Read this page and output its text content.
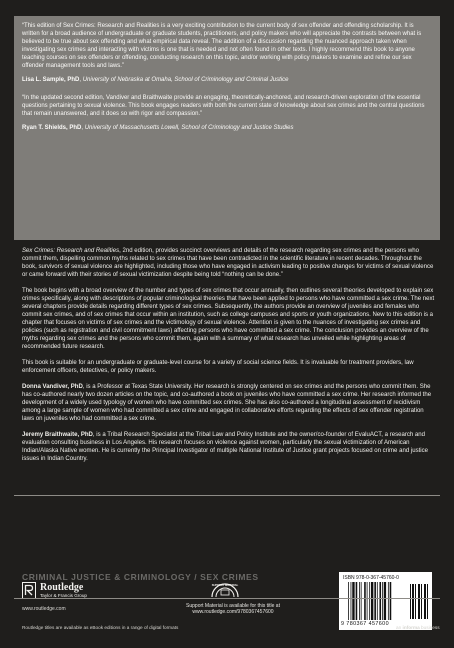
“This edition of Sex Crimes: Research and Realities is a very exciting contribution to the current body of sex offender and offending scholarship. It is written for a broad audience of undergraduate or graduate students, practitioners, and policy makers who will appreciate the contrasts between what is believed to be true about sex offending and what empirical data reveal. The addition of a discussion regarding the nuanced approach taken when investigating sex crimes and interacting with victims is one that is needed and not often found in other texts. I highly recommend this book to anyone teaching courses on sex offenders or offending, conducting research on this topic, and/or working with policy makers to examine and refine our sex offender management tools and laws.”

Lisa L. Sample, PhD, University of Nebraska at Omaha, School of Criminology and Criminal Justice

“In the updated second edition, Vandiver and Braithwaite provide an engaging, theoretically-anchored, and research-driven exploration of the essential questions pertaining to sexual violence. This book engages readers with both the current state of knowledge about sex crimes and the central questions that remain unanswered, and it does so with rigor and compassion.”

Ryan T. Shields, PhD, University of Massachusetts Lowell, School of Criminology and Justice Studies

Sex Crimes: Research and Realities, 2nd edition, provides succinct overviews and details of the research regarding sex crimes and the persons who commit them, dispelling common myths related to sex crimes that have been contradicted in the scientific literature in recent decades. Throughout the book, survivors of sexual violence are highlighted, including those who have engaged in activism leading to positive changes for victims of sexual violence or came forward with their stories of sexual victimization despite being told “nothing can be done.”

The book begins with a broad overview of the number and types of sex crimes that occur annually, then outlines several theories developed to explain sex crimes specifically, along with descriptions of popular criminological theories that have been applied to persons who have committed a sex crime. The next several chapters provide details regarding different types of sex crimes. Subsequently, the authors provide an overview of juveniles and females who commit sex crimes, and of sex crimes that occur within an institution, such as college campuses and sports or youth organizations. New to this edition is a chapter that focuses on victims of sex crimes and the victimology of sexual violence. Attention is given to the nuances of investigating sex crimes and policies (such as registration and civil commitment laws) affecting persons who have committed a sex crime. The conclusion provides an overview of the myths regarding sex crimes and the persons who commit them, again with a summary of what research has unveiled while highlighting areas of recommended future research.

This book is suitable for an undergraduate or graduate-level course for a variety of social science fields. It is invaluable for treatment providers, law enforcement officers, detectives, or policy makers.

Donna Vandiver, PhD, is a Professor at Texas State University. Her research is strongly centered on sex crimes and the persons who commit them. She has co-authored nearly two dozen articles on the topic, and co-authored a book on juveniles who have committed a sex crime. Her research informed the development of a widely used typology of women who have committed sex crimes. She has also co-authored a longitudinal assessment of recidivism among a large sample of women who had committed a sex crime and engaged in collaborative efforts regarding the effects of sex offender registration laws on juveniles who had committed a sex crime.

Jeremy Braithwaite, PhD, is a Tribal Research Specialist at the Tribal Law and Policy Institute and the owner/co-founder of EvaluACT, a research and evaluation consulting business in Los Angeles. His research focuses on violence against women, particularly the sexual victimization of American Indian/Alaska Native women. He is currently the Principal Investigator of multiple National Institute of Justice grant projects focused on crime and justice issues in Indian Country.

CRIMINAL JUSTICE & CRIMINOLOGY / SEX CRIMES
Routledge
Taylor & Francis Group
www.routledge.com
SUPPORT MATERIAL
Support Material is available for this title at
www.routledge.com/9780367457600
ISBN 978-0-367-45760-0
9 780367 457600
Routledge titles are available as eBook editions in a range of digital formats	an informa business
